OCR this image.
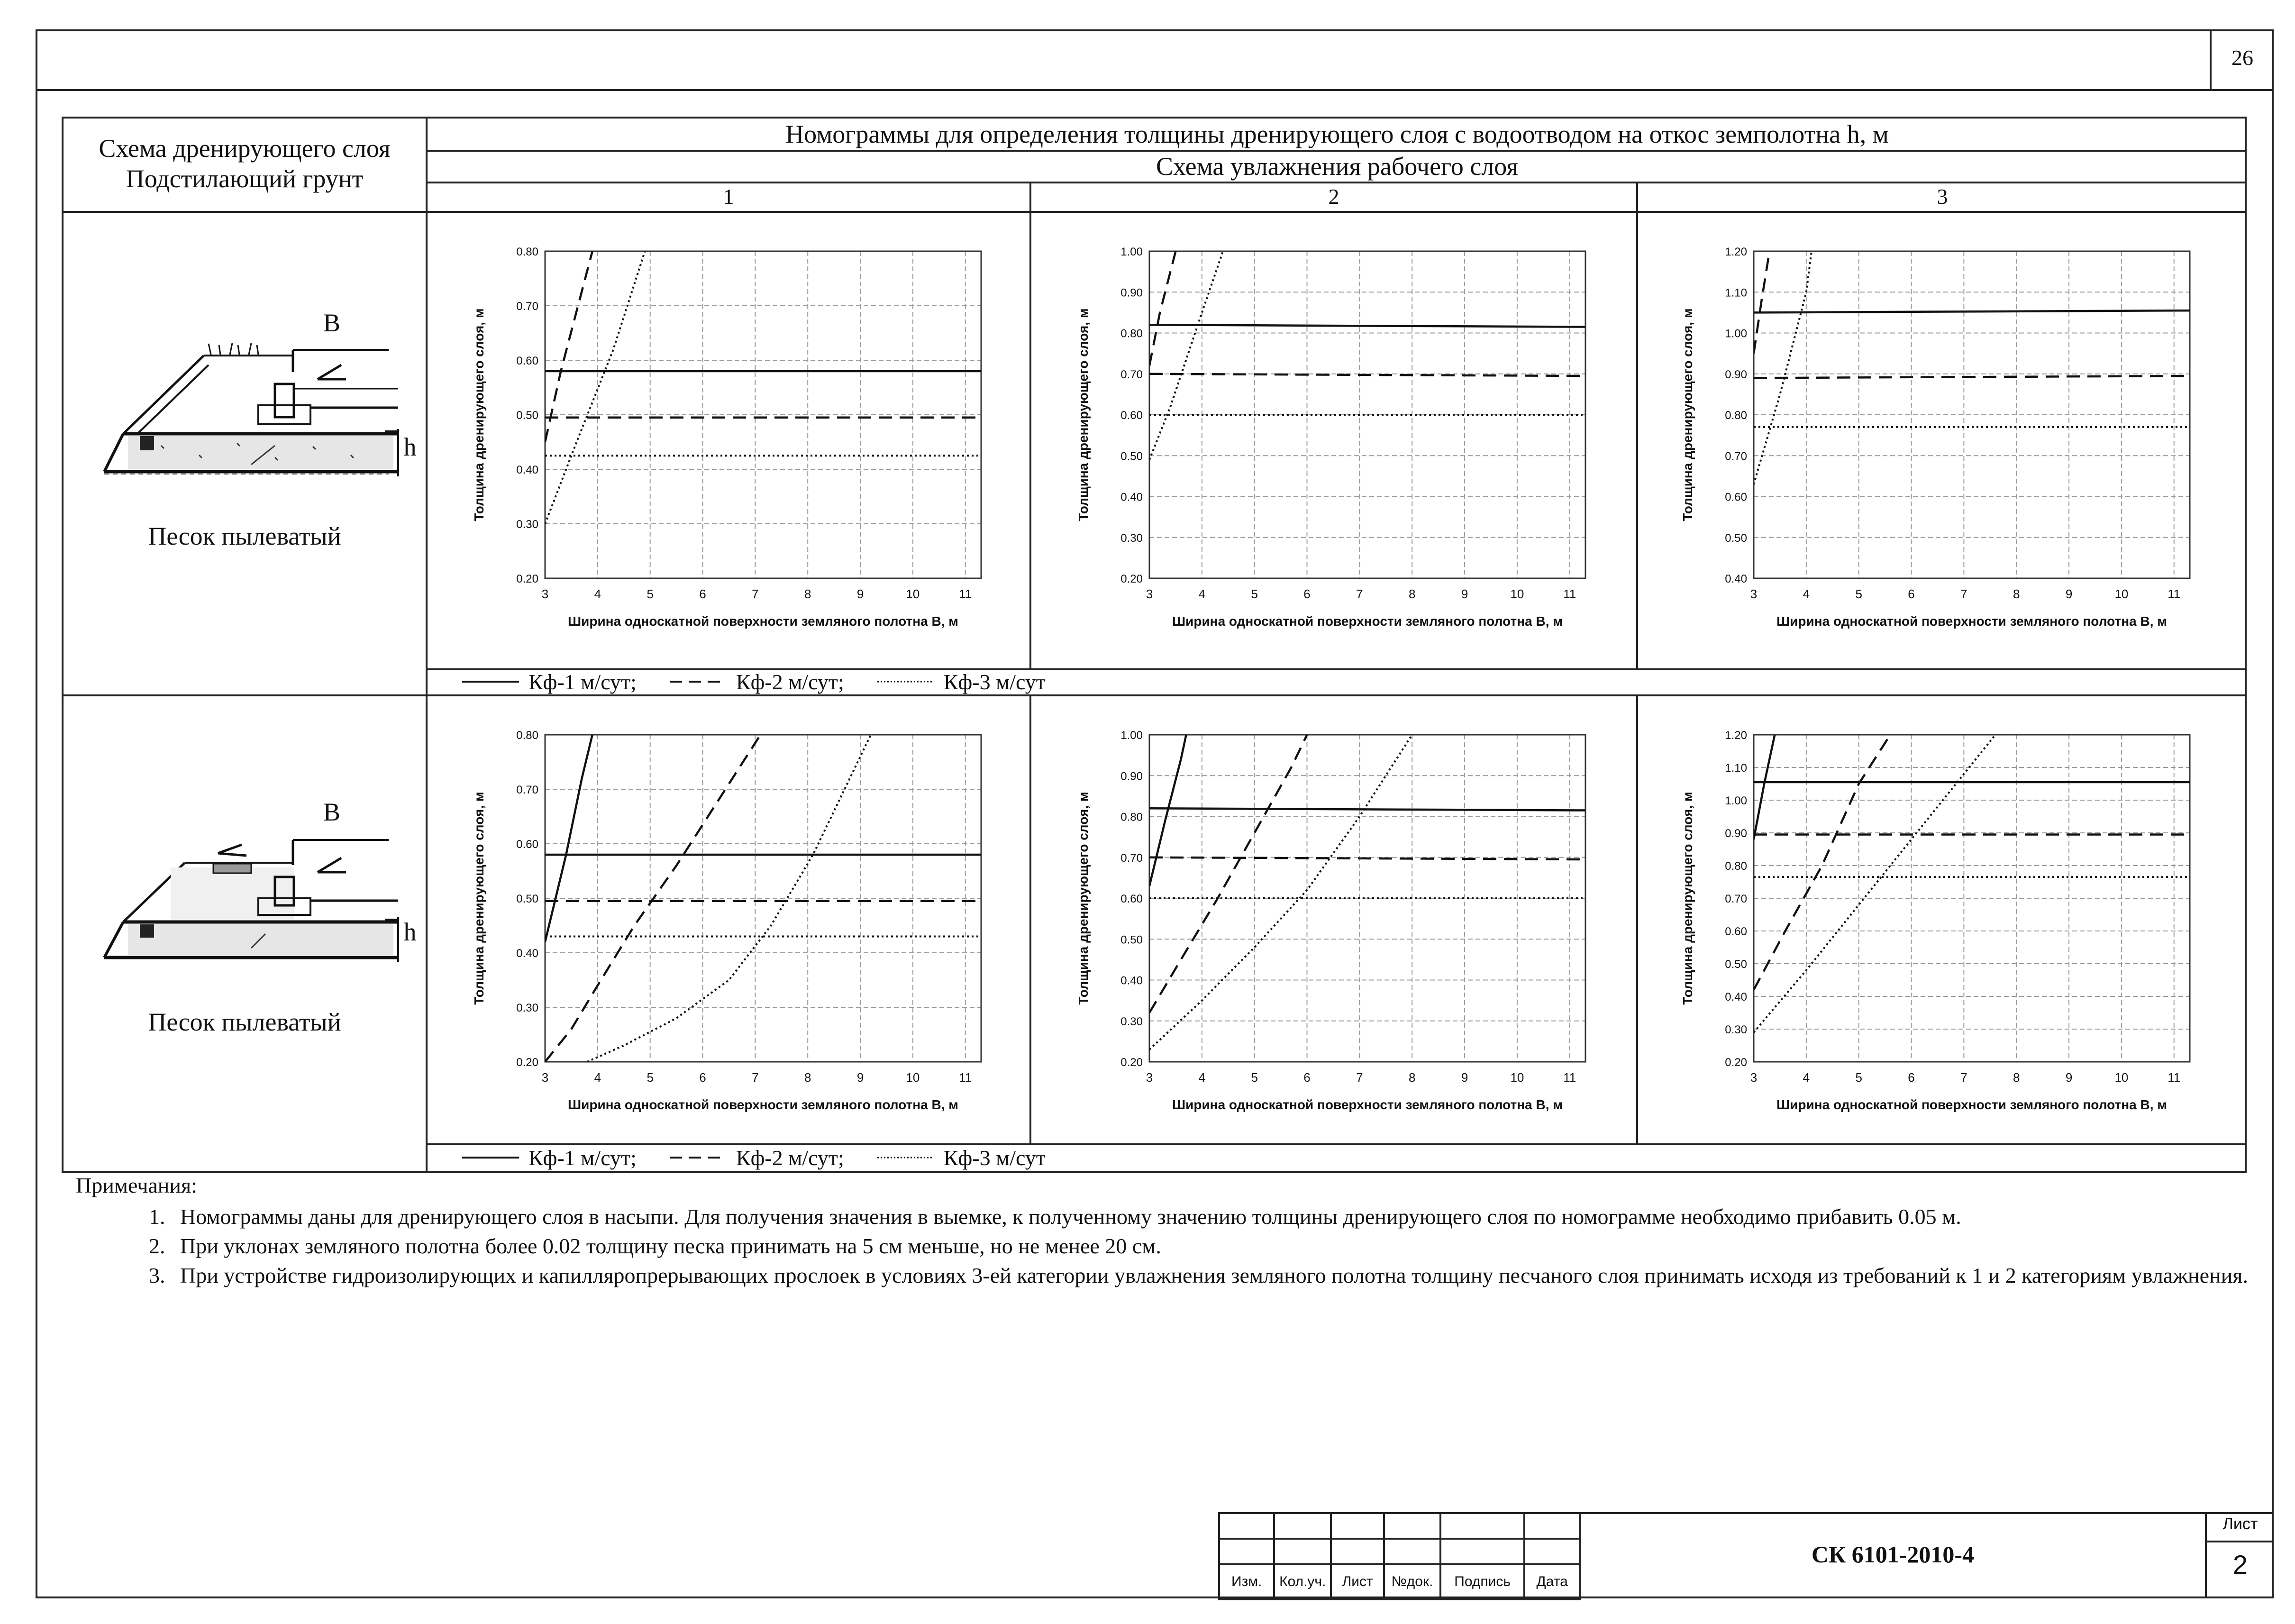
26
Схема дренирующего слоя
Подстилающий грунт
Номограммы для определения толщины дренирующего слоя с водоотводом на откос земполотна h, м
Схема увлажнения рабочего слоя
1	2	3
B
h
Песок пылеватый
B
h
Песок пылеватый
3	4	5	6	7	8	9	10	11
0.20
0.30
0.40
0.50
0.60
0.70
0.80
Ширина односкатной поверхности земляного полотна B, м
Толщина дренирующего слоя, м
3	4	5	6	7	8	9	10	11
0.20
0.30
0.40
0.50
0.60
0.70
0.80
0.90
1.00
Ширина односкатной поверхности земляного полотна B, м
Толщина дренирующего слоя, м
3	4	5	6	7	8	9	10	11
0.40
0.50
0.60
0.70
0.80
0.90
1.00
1.10
1.20
Ширина односкатной поверхности земляного полотна B, м
Толщина дренирующего слоя, м
3	4	5	6	7	8	9	10	11
0.20
0.30
0.40
0.50
0.60
0.70
0.80
Ширина односкатной поверхности земляного полотна B, м
Толщина дренирующего слоя, м
3	4	5	6	7	8	9	10	11
0.20
0.30
0.40
0.50
0.60
0.70
0.80
0.90
1.00
Ширина односкатной поверхности земляного полотна B, м
Толщина дренирующего слоя, м
3	4	5	6	7	8	9	10	11
0.20
0.30
0.40
0.50
0.60
0.70
0.80
0.90
1.00
1.10
1.20
Ширина односкатной поверхности земляного полотна B, м
Толщина дренирующего слоя, м
Кф-1 м/сут;	Кф-2 м/сут;	Кф-3 м/сут
Кф-1 м/сут;	Кф-2 м/сут;	Кф-3 м/сут
Примечания:
1. Номограммы даны для дренирующего слоя в насыпи. Для получения значения в выемке, к полученному значению толщины дренирующего слоя по номограмме необходимо прибавить 0.05 м.
2. При уклонах земляного полотна более 0.02 толщину песка принимать на 5 см меньше, но не менее 20 см.
3. При устройстве гидроизолирующих и капилляропрерывающих прослоек в условиях 3-ей категории увлажнения земляного полотна толщину песчаного слоя принимать исходя из требований к 1 и 2 категориям увлажнения.

Изм.	Кол.уч.	Лист	№док.	Подпись	Дата
СК 6101-2010-4
Лист
2
